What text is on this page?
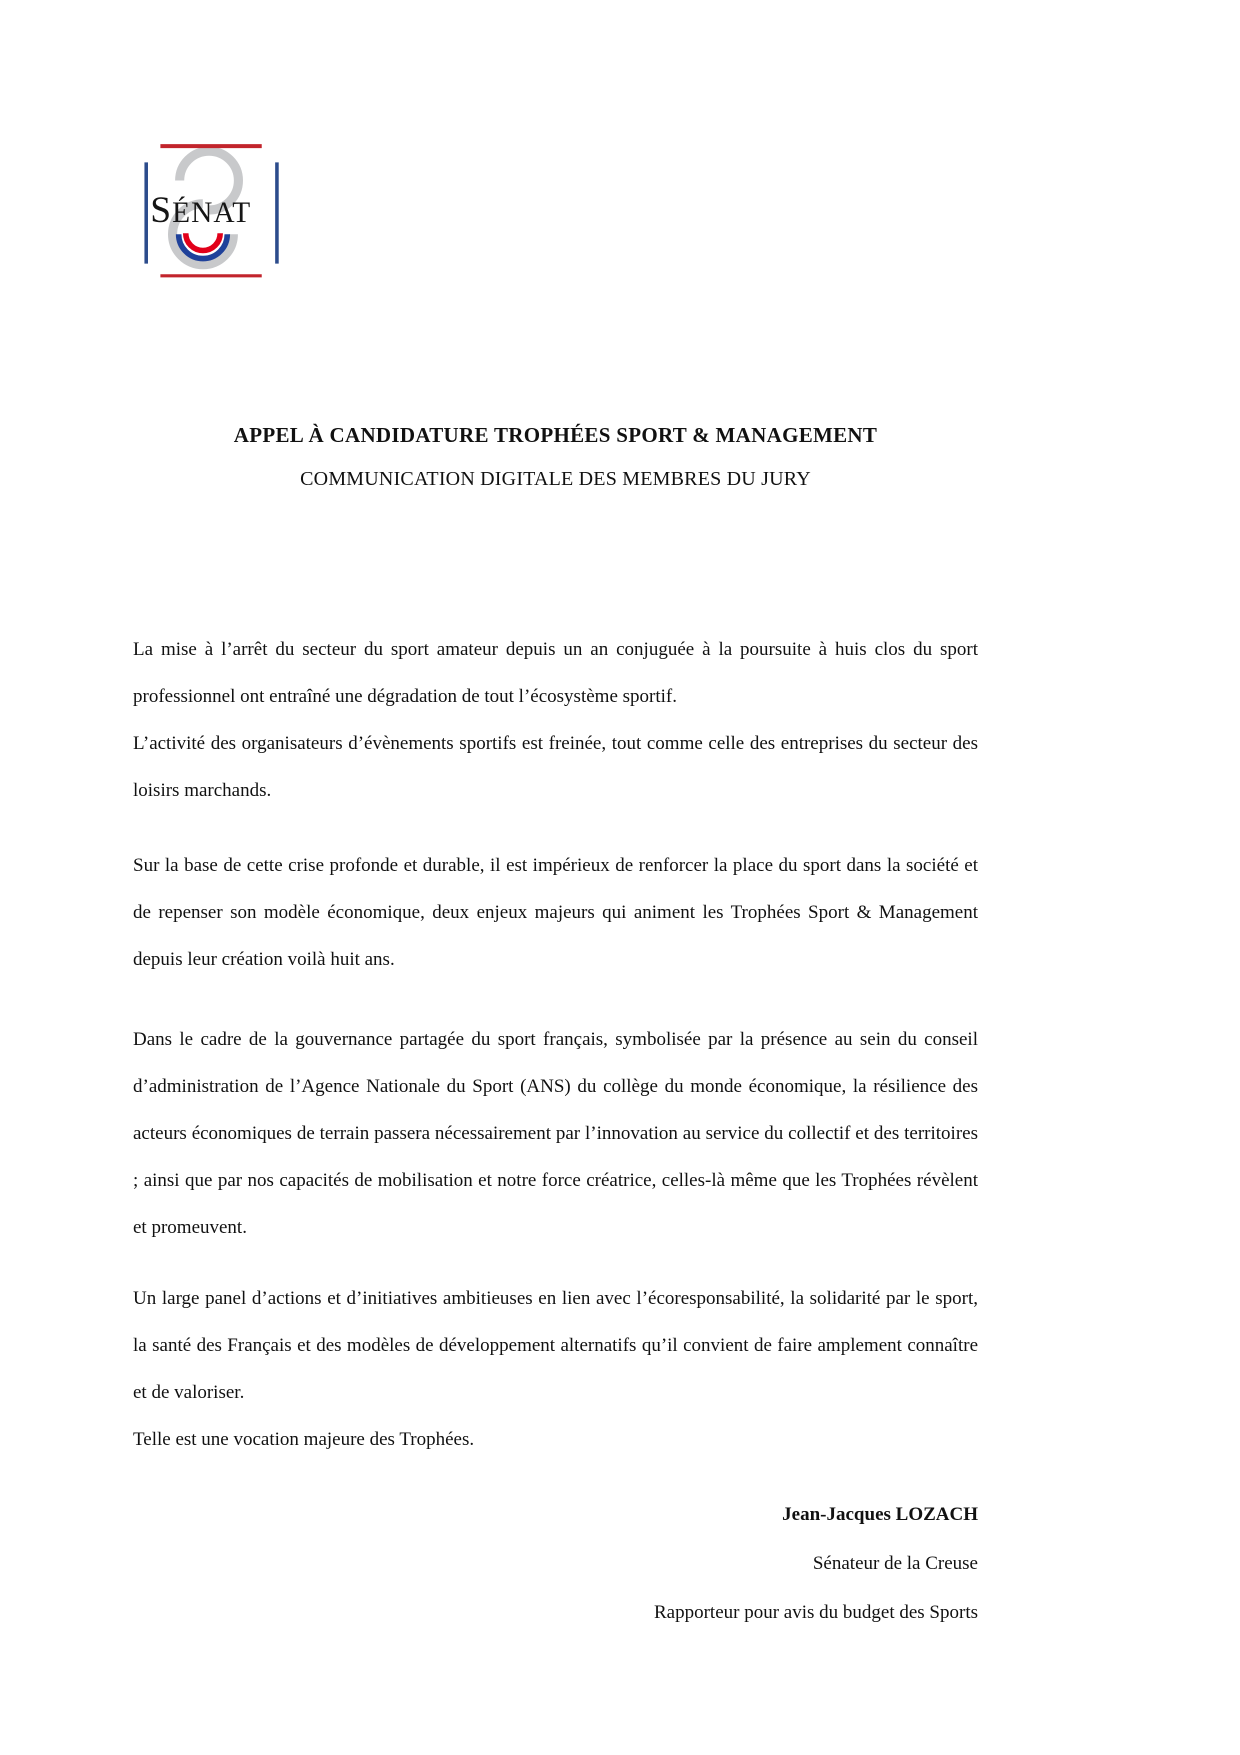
SÉNAT
APPEL À CANDIDATURE TROPHÉES SPORT & MANAGEMENT
COMMUNICATION DIGITALE DES MEMBRES DU JURY

La mise à l’arrêt du secteur du sport amateur depuis un an conjuguée à la poursuite à huis clos du sport professionnel ont entraîné une dégradation de tout l’écosystème sportif.

L’activité des organisateurs d’évènements sportifs est freinée, tout comme celle des entreprises du secteur des loisirs marchands.

Sur la base de cette crise profonde et durable, il est impérieux de renforcer la place du sport dans la société et de repenser son modèle économique, deux enjeux majeurs qui animent les Trophées Sport & Management depuis leur création voilà huit ans.

Dans le cadre de la gouvernance partagée du sport français, symbolisée par la présence au sein du conseil d’administration de l’Agence Nationale du Sport (ANS) du collège du monde économique, la résilience des acteurs économiques de terrain passera nécessairement par l’innovation au service du collectif et des territoires ; ainsi que par nos capacités de mobilisation et notre force créatrice, celles-là même que les Trophées révèlent et promeuvent.

Un large panel d’actions et d’initiatives ambitieuses en lien avec l’écoresponsabilité, la solidarité par le sport, la santé des Français et des modèles de développement alternatifs qu’il convient de faire amplement connaître et de valoriser.

Telle est une vocation majeure des Trophées.

Jean-Jacques LOZACH
Sénateur de la Creuse
Rapporteur pour avis du budget des Sports
